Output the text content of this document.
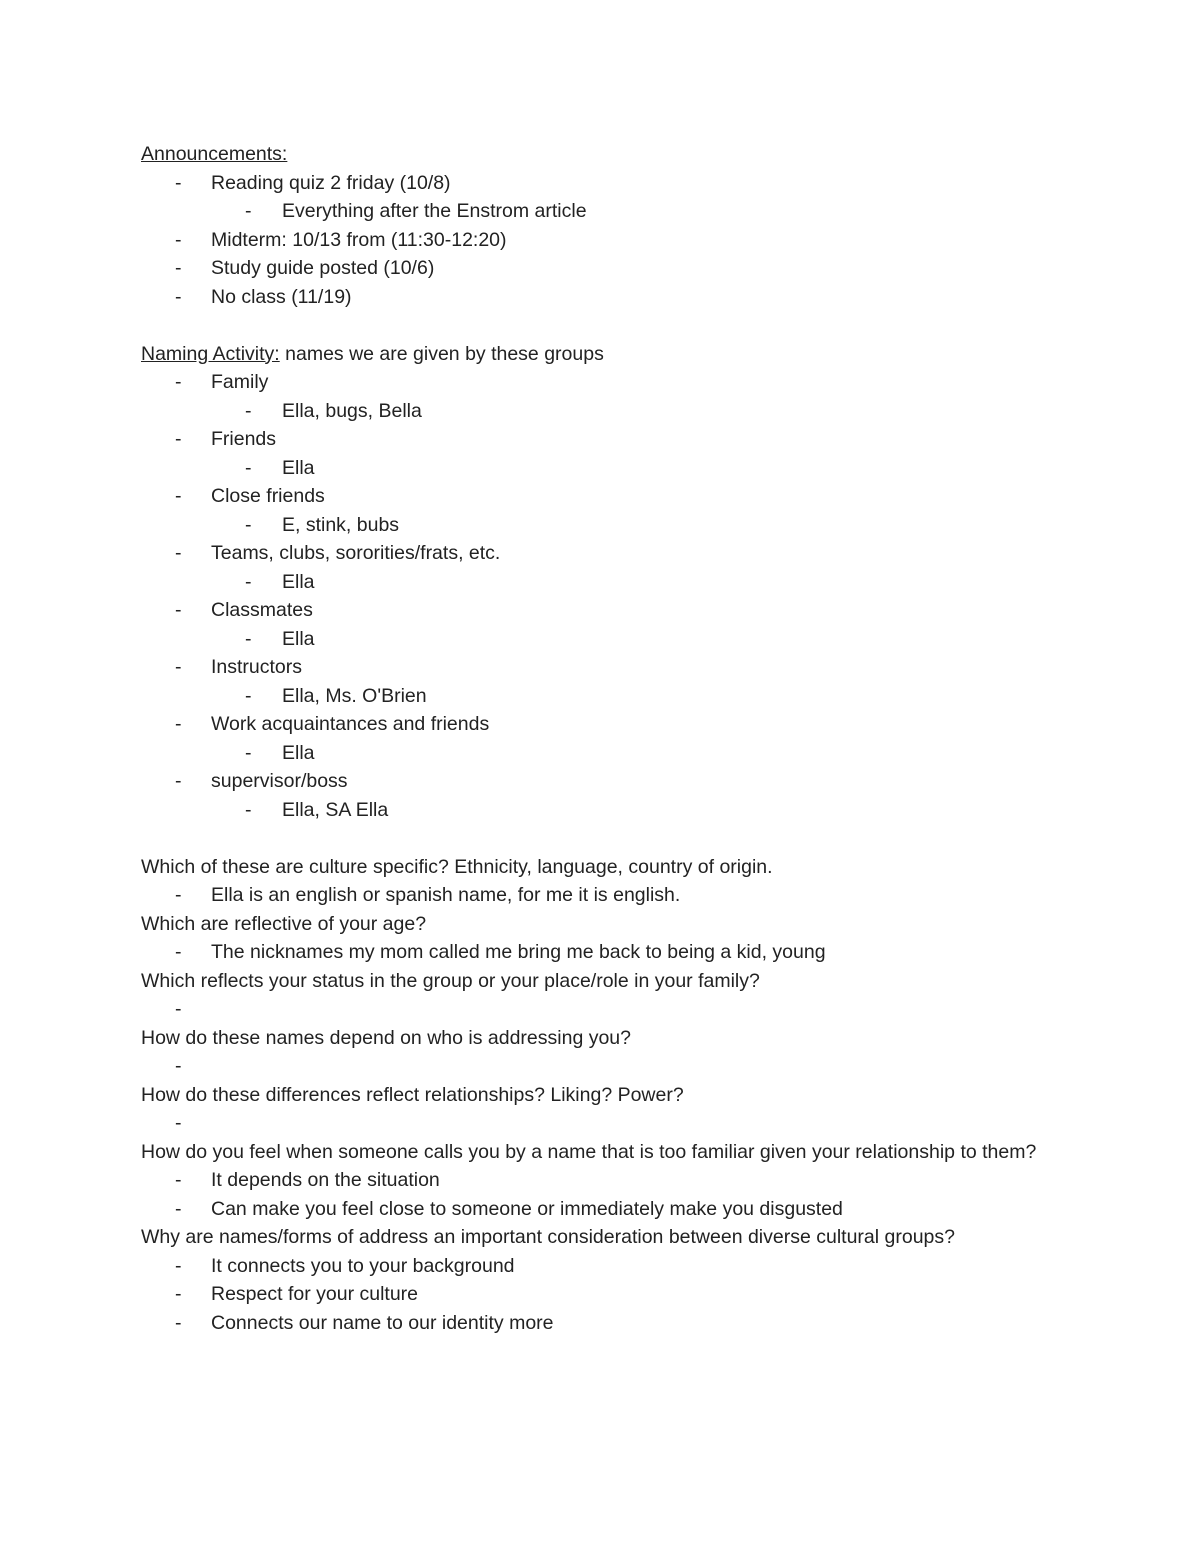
Announcements:
- Reading quiz 2 friday (10/8)
- Everything after the Enstrom article
- Midterm: 10/13 from (11:30-12:20)
- Study guide posted (10/6)
- No class (11/19)
Naming Activity: names we are given by these groups
- Family
- Ella, bugs, Bella
- Friends
- Ella
- Close friends
- E, stink, bubs
- Teams, clubs, sororities/frats, etc.
- Ella
- Classmates
- Ella
- Instructors
- Ella, Ms. O'Brien
- Work acquaintances and friends
- Ella
- supervisor/boss
- Ella, SA Ella
Which of these are culture specific? Ethnicity, language, country of origin.
- Ella is an english or spanish name, for me it is english.
Which are reflective of your age?
- The nicknames my mom called me bring me back to being a kid, young
Which reflects your status in the group or your place/role in your family?
-
How do these names depend on who is addressing you?
-
How do these differences reflect relationships? Liking? Power?
-
How do you feel when someone calls you by a name that is too familiar given your relationship to them?
- It depends on the situation
- Can make you feel close to someone or immediately make you disgusted
Why are names/forms of address an important consideration between diverse cultural groups?
- It connects you to your background
- Respect for your culture
- Connects our name to our identity more
